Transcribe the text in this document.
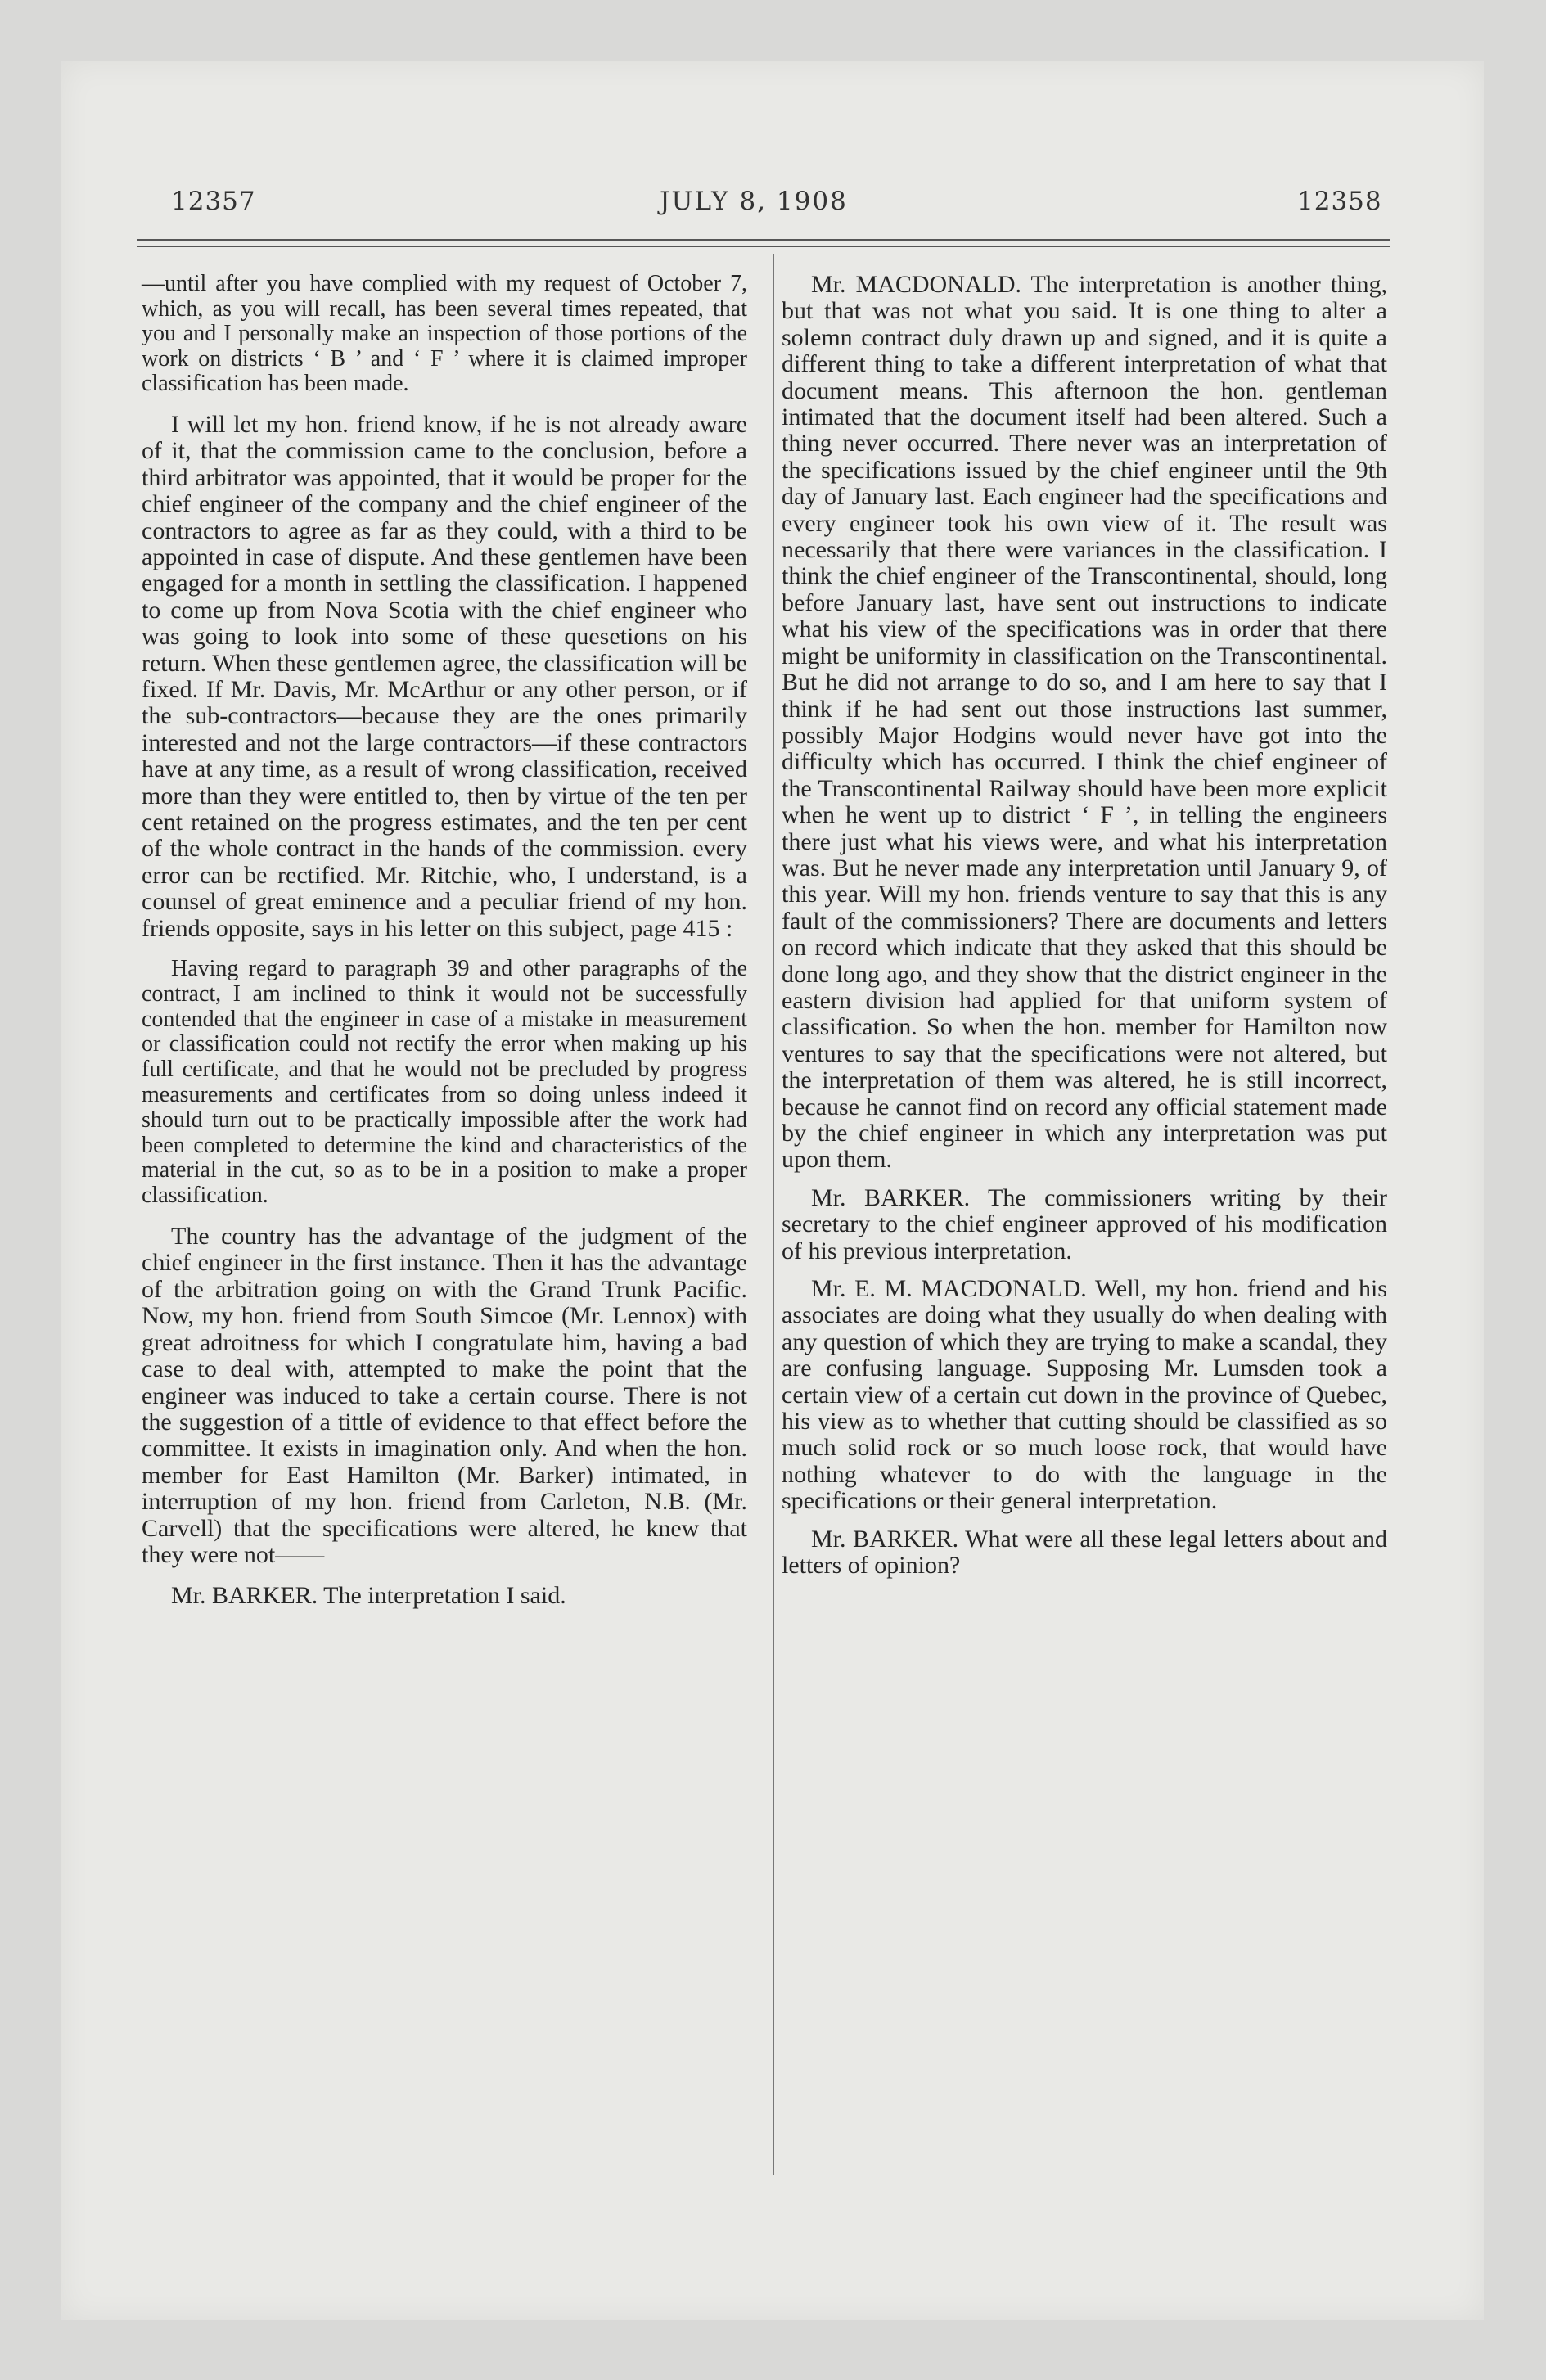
12357	JULY 8, 1908	12358

—until after you have complied with my request of October 7, which, as you will recall, has been several times repeated, that you and I personally make an inspection of those portions of the work on districts ‘ B ’ and ‘ F ’ where it is claimed improper classification has been made.

I will let my hon. friend know, if he is not already aware of it, that the commission came to the conclusion, before a third arbitrator was appointed, that it would be proper for the chief engineer of the company and the chief engineer of the contractors to agree as far as they could, with a third to be appointed in case of dispute. And these gentlemen have been engaged for a month in settling the classification. I happened to come up from Nova Scotia with the chief engineer who was going to look into some of these quesetions on his return. When these gentlemen agree, the classification will be fixed. If Mr. Davis, Mr. McArthur or any other person, or if the sub-contractors—because they are the ones primarily interested and not the large contractors—if these contractors have at any time, as a result of wrong classification, received more than they were entitled to, then by virtue of the ten per cent retained on the progress estimates, and the ten per cent of the whole contract in the hands of the commission. every error can be rectified. Mr. Ritchie, who, I understand, is a counsel of great eminence and a peculiar friend of my hon. friends opposite, says in his letter on this subject, page 415 :

Having regard to paragraph 39 and other paragraphs of the contract, I am inclined to think it would not be successfully contended that the engineer in case of a mistake in measurement or classification could not rectify the error when making up his full certificate, and that he would not be precluded by progress measurements and certificates from so doing unless indeed it should turn out to be practically impossible after the work had been completed to determine the kind and characteristics of the material in the cut, so as to be in a position to make a proper classification.

The country has the advantage of the judgment of the chief engineer in the first instance. Then it has the advantage of the arbitration going on with the Grand Trunk Pacific. Now, my hon. friend from South Simcoe (Mr. Lennox) with great adroitness for which I congratulate him, having a bad case to deal with, attempted to make the point that the engineer was induced to take a certain course. There is not the suggestion of a tittle of evidence to that effect before the committee. It exists in imagination only. And when the hon. member for East Hamilton (Mr. Barker) intimated, in interruption of my hon. friend from Carleton, N.B. (Mr. Carvell) that the specifications were altered, he knew that they were not——

Mr. BARKER. The interpretation I said.

Mr. MACDONALD. The interpretation is another thing, but that was not what you said. It is one thing to alter a solemn contract duly drawn up and signed, and it is quite a different thing to take a different interpretation of what that document means. This afternoon the hon. gentleman intimated that the document itself had been altered. Such a thing never occurred. There never was an interpretation of the specifications issued by the chief engineer until the 9th day of January last. Each engineer had the specifications and every engineer took his own view of it. The result was necessarily that there were variances in the classification. I think the chief engineer of the Transcontinental, should, long before January last, have sent out instructions to indicate what his view of the specifications was in order that there might be uniformity in classification on the Transcontinental. But he did not arrange to do so, and I am here to say that I think if he had sent out those instructions last summer, possibly Major Hodgins would never have got into the difficulty which has occurred. I think the chief engineer of the Transcontinental Railway should have been more explicit when he went up to district ‘ F ’, in telling the engineers there just what his views were, and what his interpretation was. But he never made any interpretation until January 9, of this year. Will my hon. friends venture to say that this is any fault of the commissioners? There are documents and letters on record which indicate that they asked that this should be done long ago, and they show that the district engineer in the eastern division had applied for that uniform system of classification. So when the hon. member for Hamilton now ventures to say that the specifications were not altered, but the interpretation of them was altered, he is still incorrect, because he cannot find on record any official statement made by the chief engineer in which any interpretation was put upon them.

Mr. BARKER. The commissioners writing by their secretary to the chief engineer approved of his modification of his previous interpretation.

Mr. E. M. MACDONALD. Well, my hon. friend and his associates are doing what they usually do when dealing with any question of which they are trying to make a scandal, they are confusing language. Supposing Mr. Lumsden took a certain view of a certain cut down in the province of Quebec, his view as to whether that cutting should be classified as so much solid rock or so much loose rock, that would have nothing whatever to do with the language in the specifications or their general interpretation.

Mr. BARKER. What were all these legal letters about and letters of opinion?
